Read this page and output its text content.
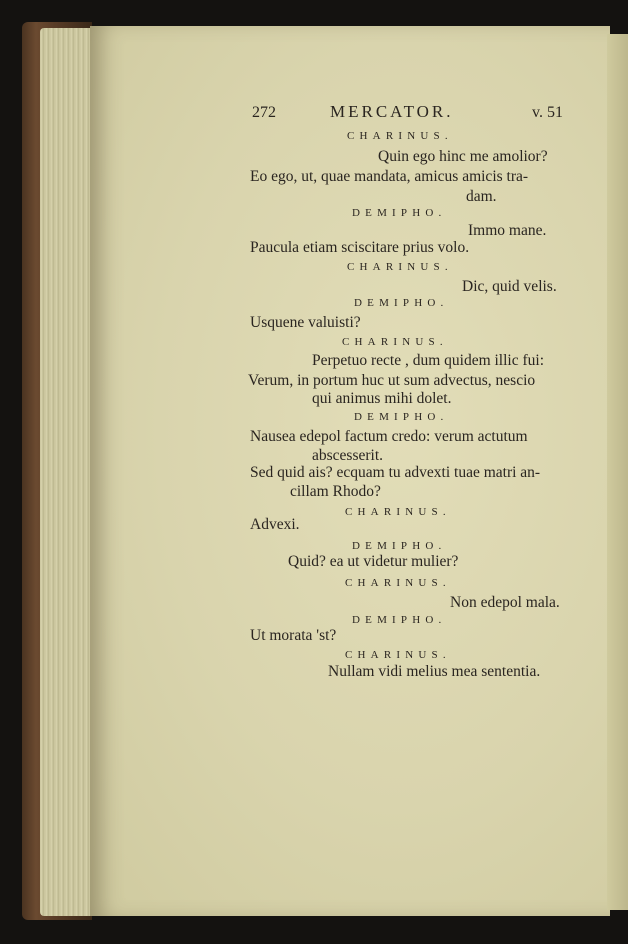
272	MERCATOR.	v. 51
CHARINUS.
Quin ego hinc me amolior?
Eo ego, ut, quae mandata, amicus amicis tra-
dam.
DEMIPHO.
Immo mane.
Paucula etiam sciscitare prius volo.
CHARINUS.
Dic, quid velis.
DEMIPHO.
Usquene valuisti?
CHARINUS.
Perpetuo recte , dum quidem illic fui:
Verum, in portum huc ut sum advectus, nescio
qui animus mihi dolet.
DEMIPHO.
Nausea edepol factum credo: verum actutum
abscesserit.
Sed quid ais? ecquam tu advexti tuae matri an-
cillam Rhodo?
CHARINUS.
Advexi.
DEMIPHO.
Quid? ea ut videtur mulier?
CHARINUS.
Non edepol mala.
DEMIPHO.
Ut morata 'st?
CHARINUS.
Nullam vidi melius mea sententia.
